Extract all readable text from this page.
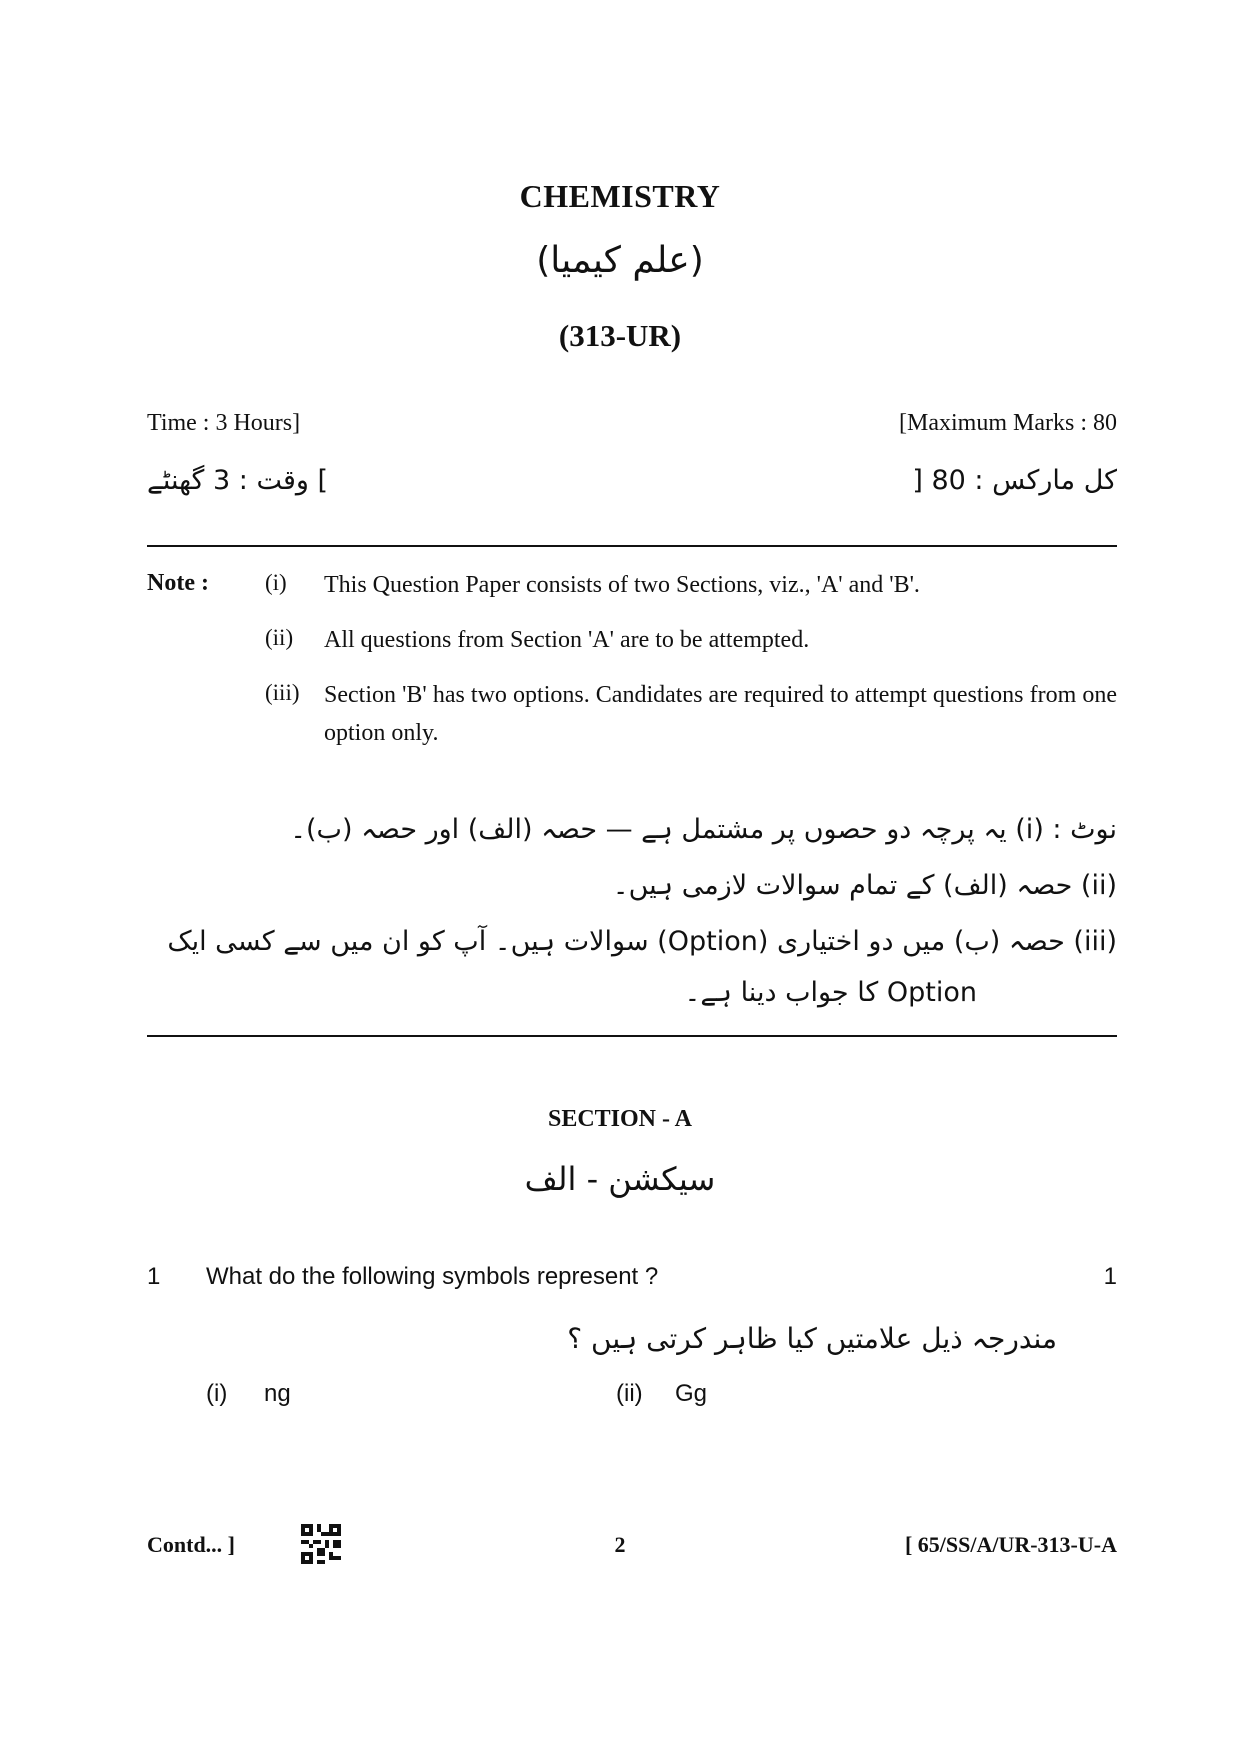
CHEMISTRY
(علم کیمیا)
(313-UR)
Time : 3 Hours]	[Maximum Marks : 80
] وقت : 3 گھنٹے	کل مارکس : 80 [
Note : (i) This Question Paper consists of two Sections, viz., 'A' and 'B'.
(ii) All questions from Section 'A' are to be attempted.
(iii) Section 'B' has two options. Candidates are required to attempt questions from one option only.
نوٹ : (i) یہ پرچہ دو حصوں پر مشتمل ہے — حصہ (الف) اور حصہ (ب)۔
(ii) حصہ (الف) کے تمام سوالات لازمی ہیں۔
(iii) حصہ (ب) میں دو اختیاری (Option) سوالات ہیں۔ آپ کو ان میں سے کسی ایک
Option کا جواب دینا ہے۔
SECTION - A
سیکشن - الف
1 What do the following symbols represent ?	1
مندرجہ ذیل علامتیں کیا ظاہر کرتی ہیں ؟
(i) ng	(ii) Gg
Contd... ]	2	[ 65/SS/A/UR-313-U-A
